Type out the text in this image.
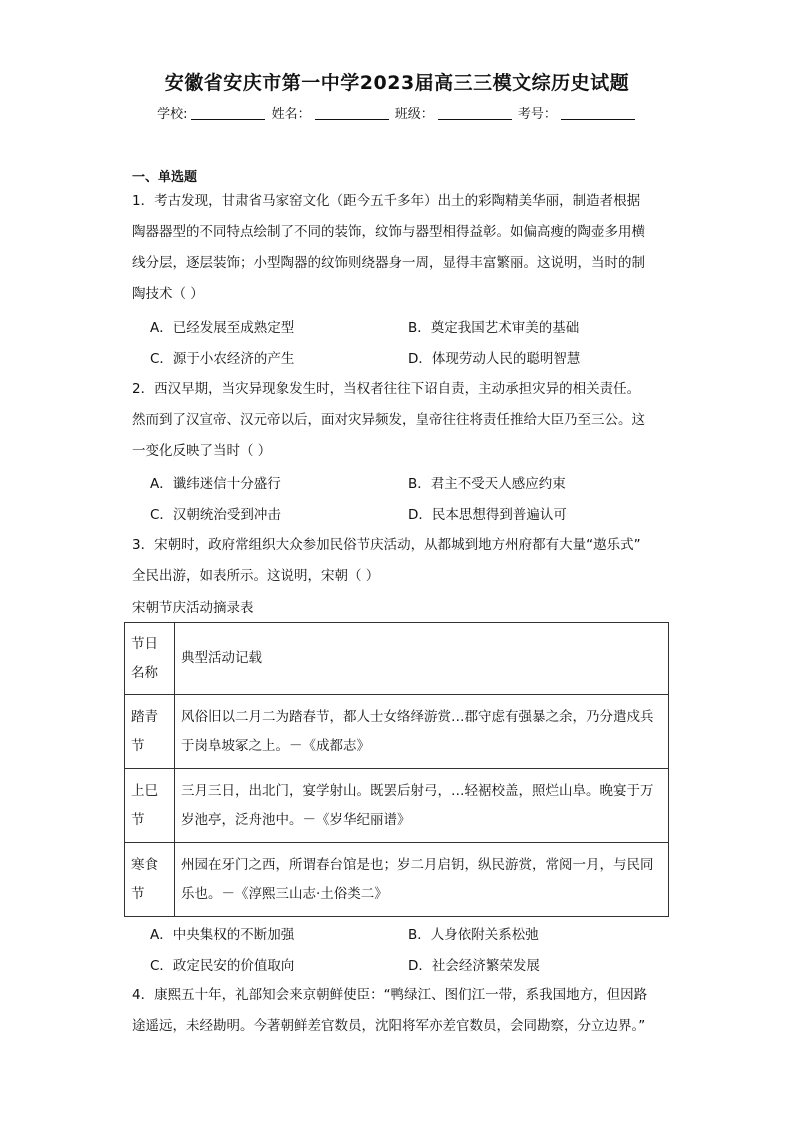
安徽省安庆市第一中学2023届高三三模文综历史试题
学校:	姓名：	班级：	考号：
一、单选题
1．考古发现，甘肃省马家窑文化（距今五千多年）出土的彩陶精美华丽，制造者根据
陶器器型的不同特点绘制了不同的装饰，纹饰与器型相得益彰。如偏高瘦的陶壶多用横
线分层，逐层装饰；小型陶器的纹饰则绕器身一周，显得丰富繁丽。这说明，当时的制
陶技术（ ）
A．已经发展至成熟定型	B．奠定我国艺术审美的基础
C．源于小农经济的产生	D．体现劳动人民的聪明智慧
2．西汉早期，当灾异现象发生时，当权者往往下诏自责，主动承担灾异的相关责任。
然而到了汉宣帝、汉元帝以后，面对灾异频发，皇帝往往将责任推给大臣乃至三公。这
一变化反映了当时（ ）
A．谶纬迷信十分盛行	B．君主不受天人感应约束
C．汉朝统治受到冲击	D．民本思想得到普遍认可
3．宋朝时，政府常组织大众参加民俗节庆活动，从都城到地方州府都有大量“遨乐式”
全民出游，如表所示。这说明，宋朝（ ）
宋朝节庆活动摘录表
节日名称	典型活动记载
踏青节	风俗旧以二月二为踏春节，都人士女络绎游赏…郡守虑有强暴之余，乃分遣戍兵于岗阜坡冢之上。－《成都志》
上巳节	三月三日，出北门，宴学射山。既罢后射弓，…轻裾校盖，照烂山阜。晚宴于万岁池亭，泛舟池中。－《岁华纪丽谱》
寒食节	州园在牙门之西，所谓春台馆是也；岁二月启钥，纵民游赏，常阅一月，与民同乐也。－《淳熙三山志·土俗类二》
A．中央集权的不断加强	B．人身依附关系松弛
C．政定民安的价值取向	D．社会经济繁荣发展
4．康熙五十年，礼部知会来京朝鲜使臣：“鸭绿江、图们江一带，系我国地方，但因路
途遥远，未经勘明。今著朝鲜差官数员，沈阳将军亦差官数员，会同勘察，分立边界。”
